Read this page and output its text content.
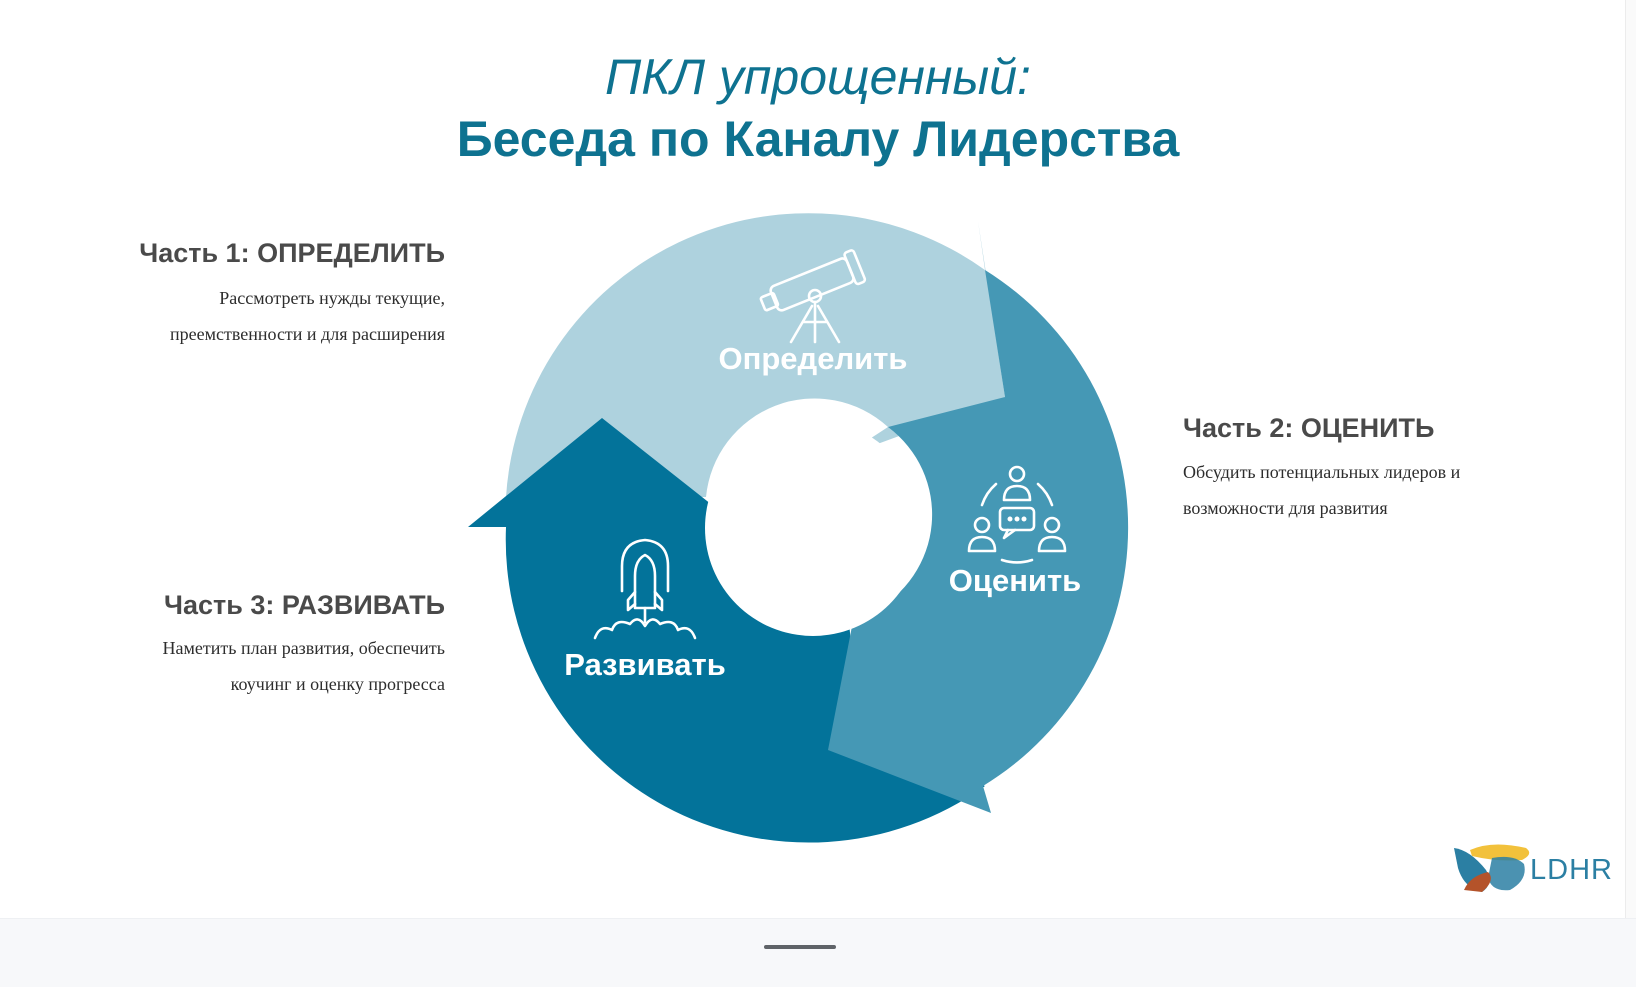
ПКЛ упрощенный:
Беседа по Каналу Лидерства
Часть 1: ОПРЕДЕЛИТЬ
Рассмотреть нужды текущие,
преемственности и для расширения
Часть 2: ОЦЕНИТЬ
Обсудить потенциальных лидеров и
возможности для развития
Часть 3: РАЗВИВАТЬ
Наметить план развития, обеспечить
коучинг и оценку прогресса
Определить
Оценить
Развивать
LDHR
